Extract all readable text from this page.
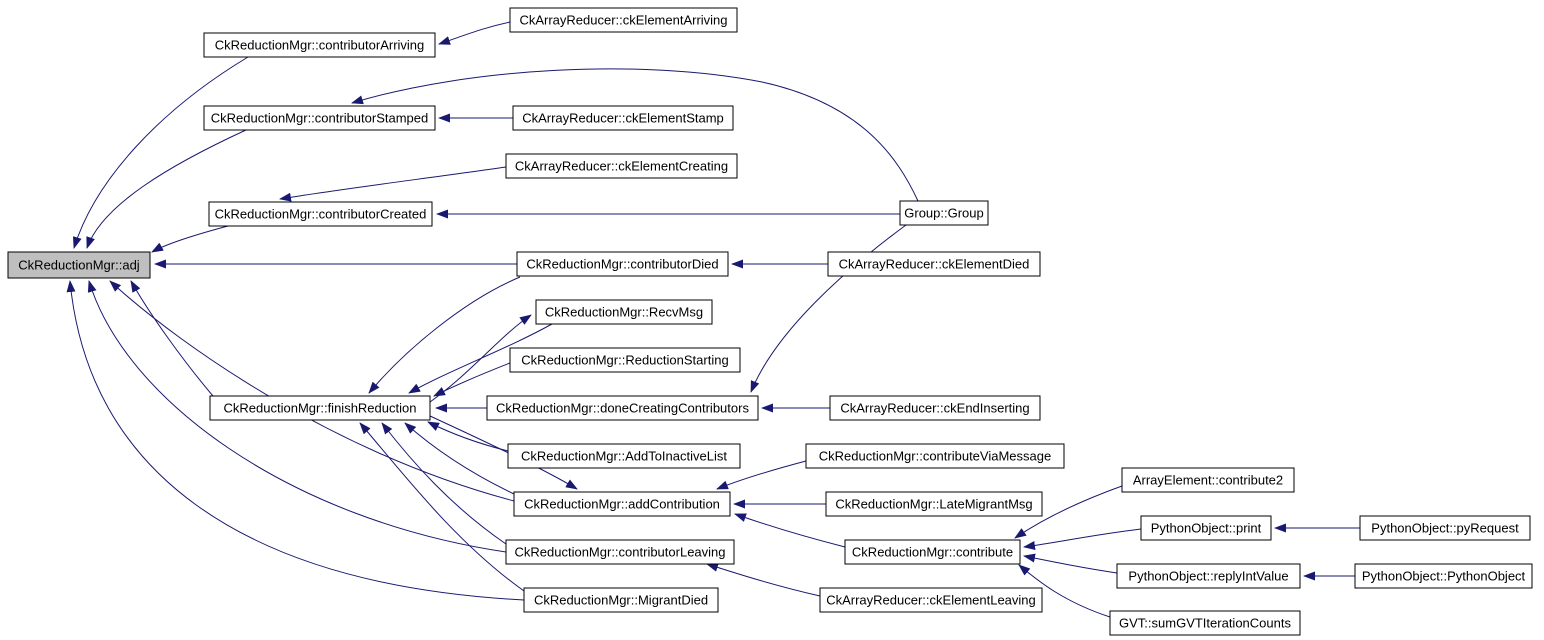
CkArrayReducer::ckElementArriving
CkReductionMgr::contributorArriving
CkReductionMgr::contributorStamped	CkArrayReducer::ckElementStamp
CkArrayReducer::ckElementCreating
CkReductionMgr::contributorCreated	Group::Group
CkReductionMgr::adj	CkReductionMgr::contributorDied	CkArrayReducer::ckElementDied
CkReductionMgr::RecvMsg
CkReductionMgr::ReductionStarting
CkReductionMgr::finishReduction	CkReductionMgr::doneCreatingContributors	CkArrayReducer::ckEndInserting
CkReductionMgr::AddToInactiveList	CkReductionMgr::contributeViaMessage
CkReductionMgr::addContribution	CkReductionMgr::LateMigrantMsg
ArrayElement::contribute2
PythonObject::print	PythonObject::pyRequest
CkReductionMgr::contributorLeaving	CkReductionMgr::contribute
PythonObject::replyIntValue	PythonObject::PythonObject
CkReductionMgr::MigrantDied	CkArrayReducer::ckElementLeaving
GVT::sumGVTIterationCounts
